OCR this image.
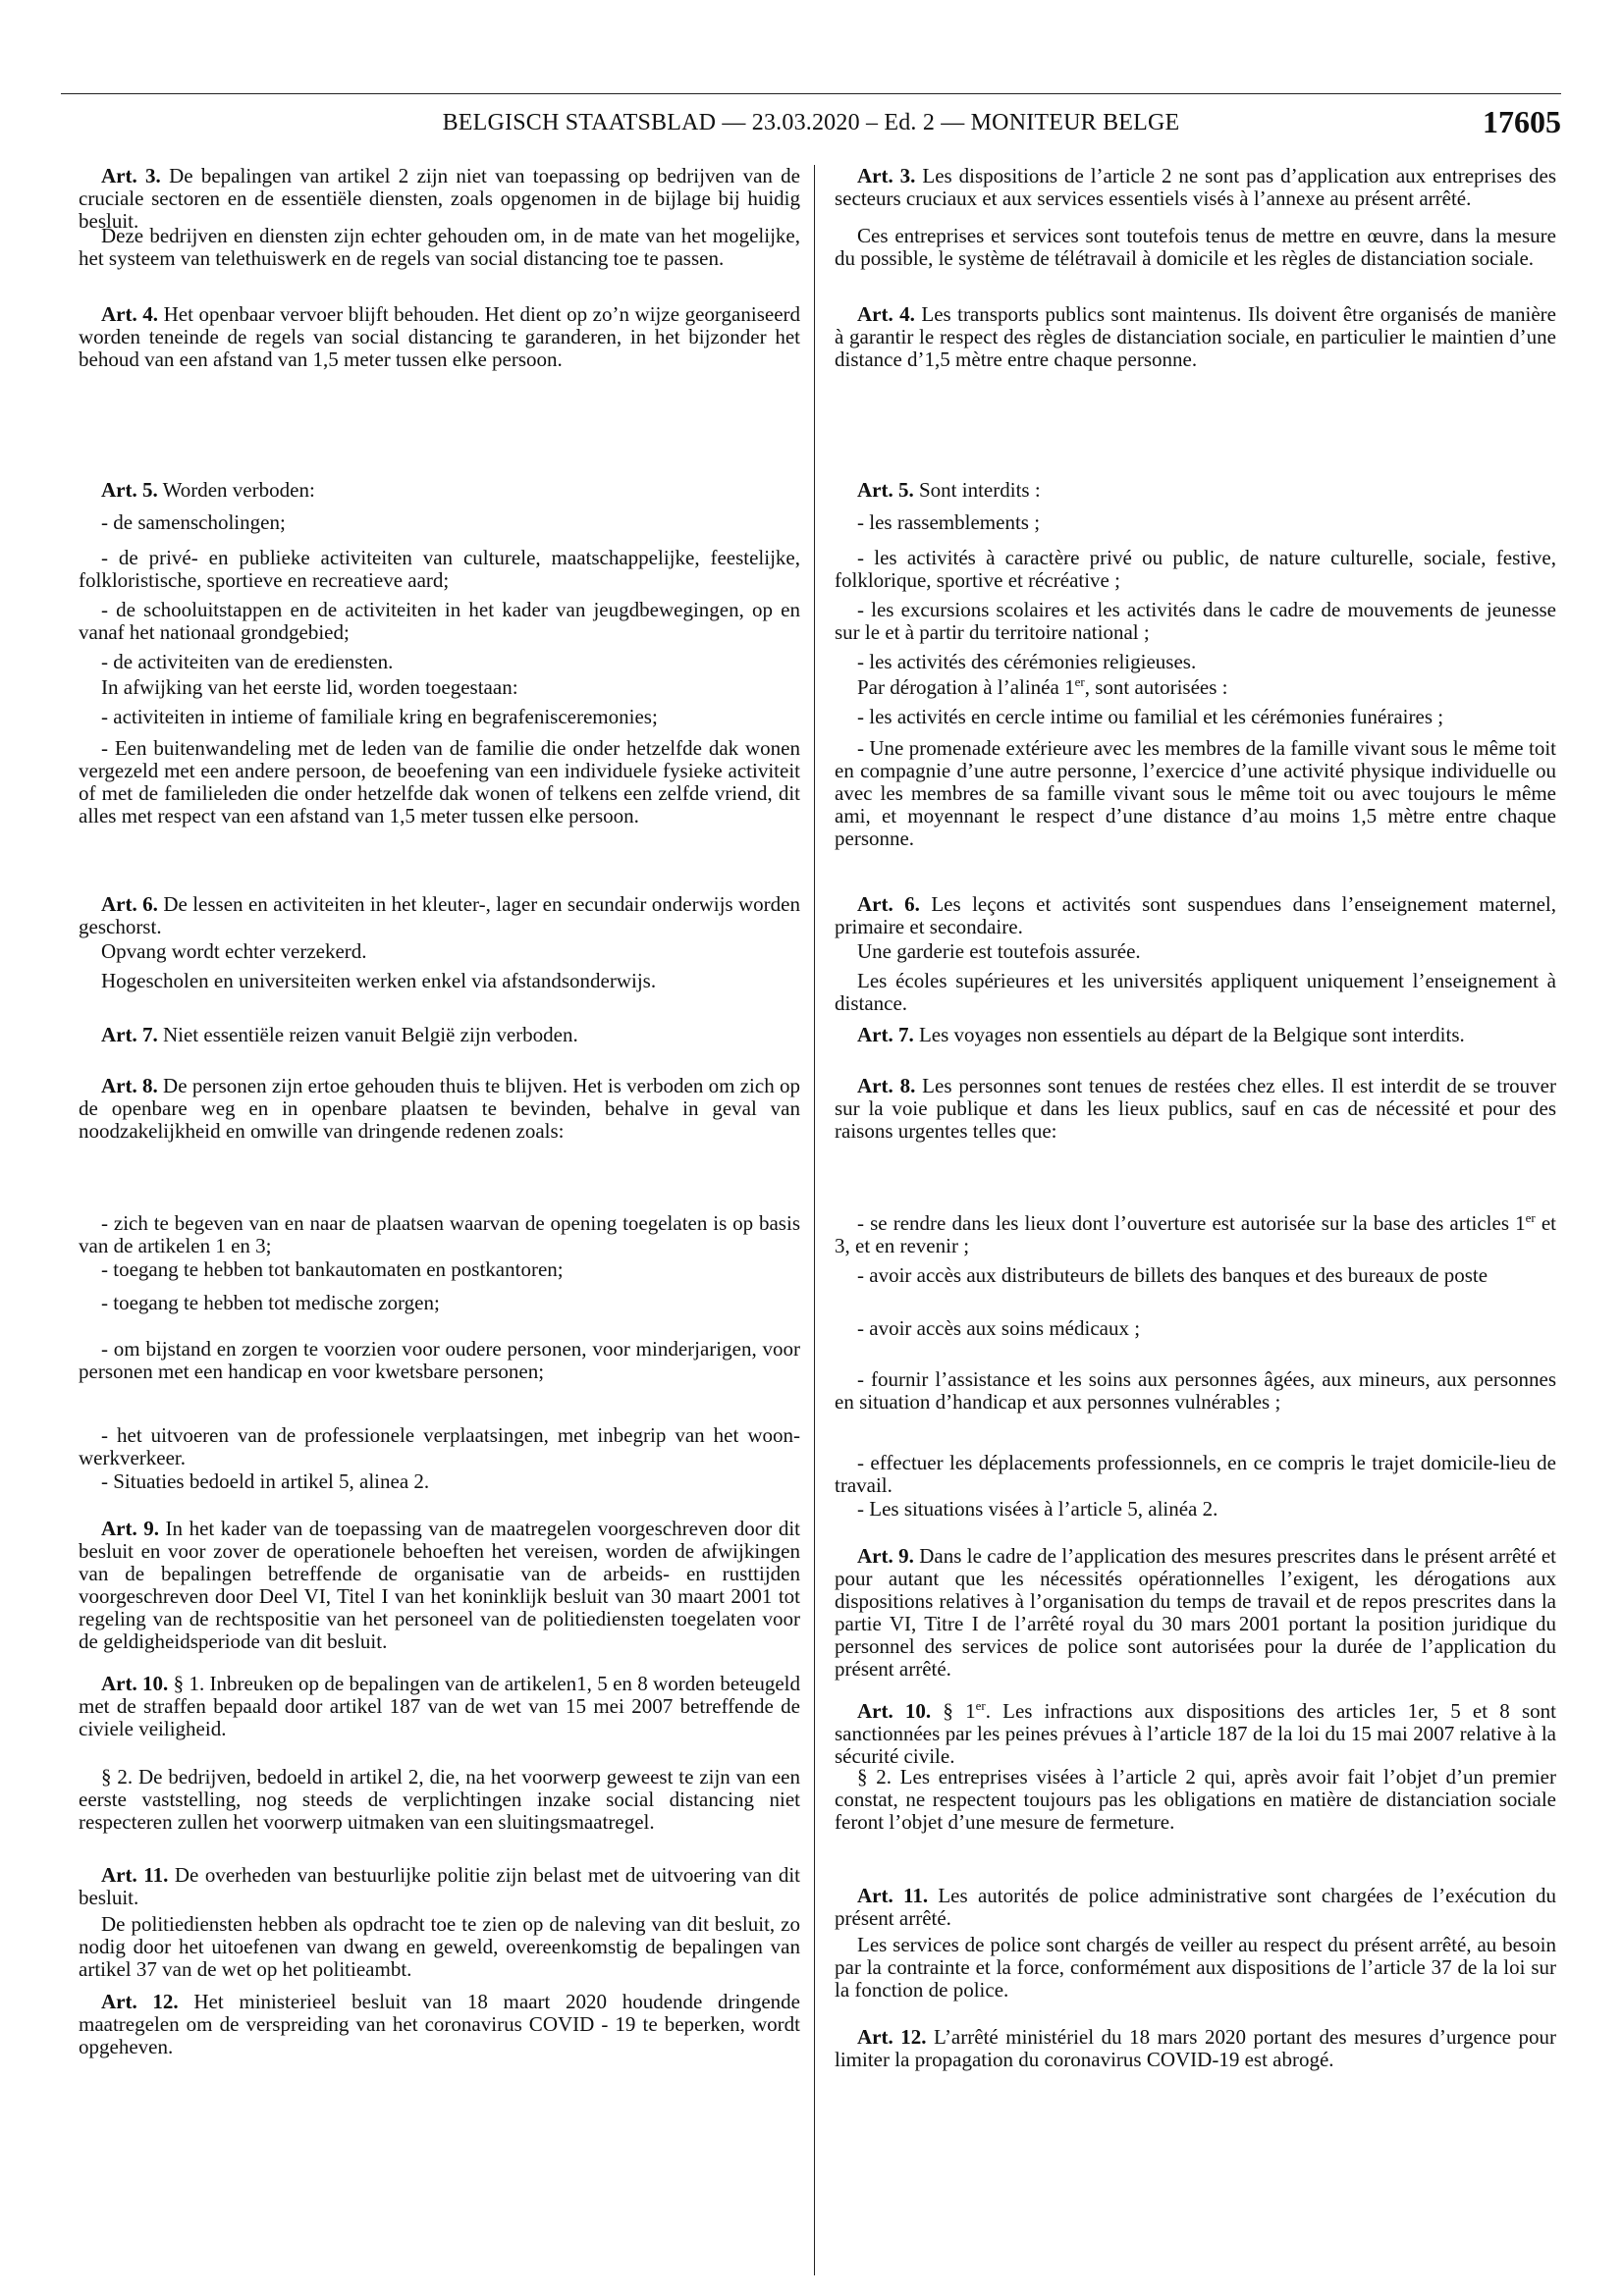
BELGISCH STAATSBLAD — 23.03.2020 – Ed. 2 — MONITEUR BELGE	17605
Art. 3. De bepalingen van artikel 2 zijn niet van toepassing op bedrijven van de cruciale sectoren en de essentiële diensten, zoals opgenomen in de bijlage bij huidig besluit.
Deze bedrijven en diensten zijn echter gehouden om, in de mate van het mogelijke, het systeem van telethuiswerk en de regels van social distancing toe te passen.
Art. 4. Het openbaar vervoer blijft behouden. Het dient op zo’n wijze georganiseerd worden teneinde de regels van social distancing te garanderen, in het bijzonder het behoud van een afstand van 1,5 meter tussen elke persoon.
Art. 5. Worden verboden:
- de samenscholingen;
- de privé- en publieke activiteiten van culturele, maatschappelijke, feestelijke, folkloristische, sportieve en recreatieve aard;
- de schooluitstappen en de activiteiten in het kader van jeugdbewegingen, op en vanaf het nationaal grondgebied;
- de activiteiten van de erediensten.
In afwijking van het eerste lid, worden toegestaan:
- activiteiten in intieme of familiale kring en begrafenisceremonies;
- Een buitenwandeling met de leden van de familie die onder hetzelfde dak wonen vergezeld met een andere persoon, de beoefening van een individuele fysieke activiteit of met de familieleden die onder hetzelfde dak wonen of telkens een zelfde vriend, dit alles met respect van een afstand van 1,5 meter tussen elke persoon.
Art. 6. De lessen en activiteiten in het kleuter-, lager en secundair onderwijs worden geschorst.
Opvang wordt echter verzekerd.
Hogescholen en universiteiten werken enkel via afstandsonderwijs.
Art. 7. Niet essentiële reizen vanuit België zijn verboden.
Art. 8. De personen zijn ertoe gehouden thuis te blijven. Het is verboden om zich op de openbare weg en in openbare plaatsen te bevinden, behalve in geval van noodzakelijkheid en omwille van dringende redenen zoals:
- zich te begeven van en naar de plaatsen waarvan de opening toegelaten is op basis van de artikelen 1 en 3;
- toegang te hebben tot bankautomaten en postkantoren;
- toegang te hebben tot medische zorgen;
- om bijstand en zorgen te voorzien voor oudere personen, voor minderjarigen, voor personen met een handicap en voor kwetsbare personen;
- het uitvoeren van de professionele verplaatsingen, met inbegrip van het woon-werkverkeer.
- Situaties bedoeld in artikel 5, alinea 2.
Art. 9. In het kader van de toepassing van de maatregelen voorgeschreven door dit besluit en voor zover de operationele behoeften het vereisen, worden de afwijkingen van de bepalingen betreffende de organisatie van de arbeids- en rusttijden voorgeschreven door Deel VI, Titel I van het koninklijk besluit van 30 maart 2001 tot regeling van de rechtspositie van het personeel van de politiediensten toegelaten voor de geldigheidsperiode van dit besluit.
Art. 10. § 1. Inbreuken op de bepalingen van de artikelen1, 5 en 8 worden beteugeld met de straffen bepaald door artikel 187 van de wet van 15 mei 2007 betreffende de civiele veiligheid.
§ 2. De bedrijven, bedoeld in artikel 2, die, na het voorwerp geweest te zijn van een eerste vaststelling, nog steeds de verplichtingen inzake social distancing niet respecteren zullen het voorwerp uitmaken van een sluitingsmaatregel.
Art. 11. De overheden van bestuurlijke politie zijn belast met de uitvoering van dit besluit.
De politiediensten hebben als opdracht toe te zien op de naleving van dit besluit, zo nodig door het uitoefenen van dwang en geweld, overeenkomstig de bepalingen van artikel 37 van de wet op het politieambt.
Art. 12. Het ministerieel besluit van 18 maart 2020 houdende dringende maatregelen om de verspreiding van het coronavirus COVID - 19 te beperken, wordt opgeheven.
Art. 3. Les dispositions de l’article 2 ne sont pas d’application aux entreprises des secteurs cruciaux et aux services essentiels visés à l’annexe au présent arrêté.
Ces entreprises et services sont toutefois tenus de mettre en œuvre, dans la mesure du possible, le système de télétravail à domicile et les règles de distanciation sociale.
Art. 4. Les transports publics sont maintenus. Ils doivent être organisés de manière à garantir le respect des règles de distanciation sociale, en particulier le maintien d’une distance d’1,5 mètre entre chaque personne.
Art. 5. Sont interdits :
- les rassemblements ;
- les activités à caractère privé ou public, de nature culturelle, sociale, festive, folklorique, sportive et récréative ;
- les excursions scolaires et les activités dans le cadre de mouvements de jeunesse sur le et à partir du territoire national ;
- les activités des cérémonies religieuses.
Par dérogation à l’alinéa 1er, sont autorisées :
- les activités en cercle intime ou familial et les cérémonies funéraires ;
- Une promenade extérieure avec les membres de la famille vivant sous le même toit en compagnie d’une autre personne, l’exercice d’une activité physique individuelle ou avec les membres de sa famille vivant sous le même toit ou avec toujours le même ami, et moyennant le respect d’une distance d’au moins 1,5 mètre entre chaque personne.
Art. 6. Les leçons et activités sont suspendues dans l’enseignement maternel, primaire et secondaire.
Une garderie est toutefois assurée.
Les écoles supérieures et les universités appliquent uniquement l’enseignement à distance.
Art. 7. Les voyages non essentiels au départ de la Belgique sont interdits.
Art. 8. Les personnes sont tenues de restées chez elles. Il est interdit de se trouver sur la voie publique et dans les lieux publics, sauf en cas de nécessité et pour des raisons urgentes telles que:
- se rendre dans les lieux dont l’ouverture est autorisée sur la base des articles 1er et 3, et en revenir ;
- avoir accès aux distributeurs de billets des banques et des bureaux de poste
- avoir accès aux soins médicaux ;
- fournir l’assistance et les soins aux personnes âgées, aux mineurs, aux personnes en situation d’handicap et aux personnes vulnérables ;
- effectuer les déplacements professionnels, en ce compris le trajet domicile-lieu de travail.
- Les situations visées à l’article 5, alinéa 2.
Art. 9. Dans le cadre de l’application des mesures prescrites dans le présent arrêté et pour autant que les nécessités opérationnelles l’exigent, les dérogations aux dispositions relatives à l’organisation du temps de travail et de repos prescrites dans la partie VI, Titre I de l’arrêté royal du 30 mars 2001 portant la position juridique du personnel des services de police sont autorisées pour la durée de l’application du présent arrêté.
Art. 10. § 1er. Les infractions aux dispositions des articles 1er, 5 et 8 sont sanctionnées par les peines prévues à l’article 187 de la loi du 15 mai 2007 relative à la sécurité civile.
§ 2. Les entreprises visées à l’article 2 qui, après avoir fait l’objet d’un premier constat, ne respectent toujours pas les obligations en matière de distanciation sociale feront l’objet d’une mesure de fermeture.
Art. 11. Les autorités de police administrative sont chargées de l’exécution du présent arrêté.
Les services de police sont chargés de veiller au respect du présent arrêté, au besoin par la contrainte et la force, conformément aux dispositions de l’article 37 de la loi sur la fonction de police.
Art. 12. L’arrêté ministériel du 18 mars 2020 portant des mesures d’urgence pour limiter la propagation du coronavirus COVID-19 est abrogé.
